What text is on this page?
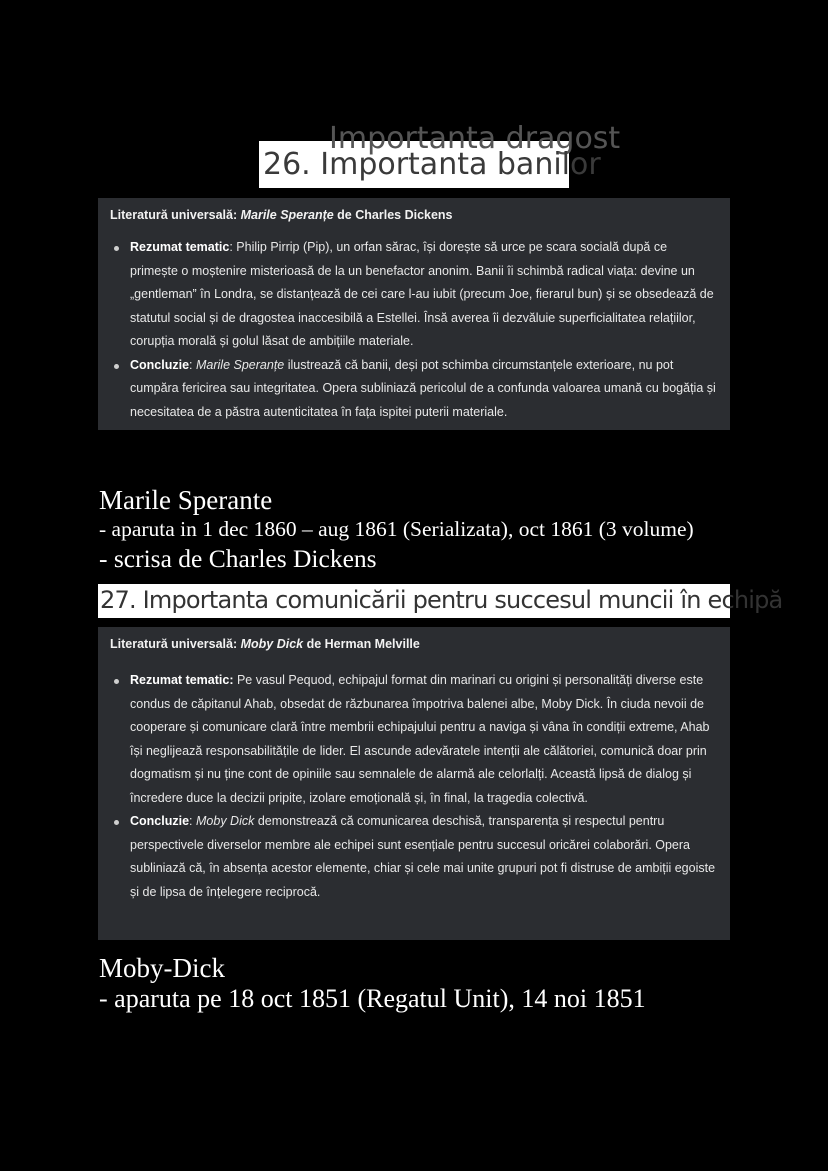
Importanta dragost
26. Importanta banilor
Literatură universală: Marile Speranțe de Charles Dickens
Rezumat tematic: Philip Pirrip (Pip), un orfan sărac, își dorește să urce pe scara socială după ce primește o moștenire misterioasă de la un benefactor anonim. Banii îi schimbă radical viața: devine un „gentleman” în Londra, se distanțează de cei care l-au iubit (precum Joe, fierarul bun) și se obsedează de statutul social și de dragostea inaccesibilă a Estellei. Însă averea îi dezvăluie superficialitatea relațiilor, corupția morală și golul lăsat de ambițiile materiale.
Concluzie: Marile Speranțe ilustrează că banii, deși pot schimba circumstanțele exterioare, nu pot cumpăra fericirea sau integritatea. Opera subliniază pericolul de a confunda valoarea umană cu bogăția și necesitatea de a păstra autenticitatea în fața ispitei puterii materiale.
Marile Sperante
- aparuta in 1 dec 1860 – aug 1861 (Serializata), oct 1861 (3 volume)
- scrisa de Charles Dickens
27. Importanta comunicării pentru succesul muncii în echipă
Literatură universală: Moby Dick de Herman Melville
Rezumat tematic: Pe vasul Pequod, echipajul format din marinari cu origini și personalități diverse este condus de căpitanul Ahab, obsedat de răzbunarea împotriva balenei albe, Moby Dick. În ciuda nevoii de cooperare și comunicare clară între membrii echipajului pentru a naviga și vâna în condiții extreme, Ahab își neglijează responsabilitățile de lider. El ascunde adevăratele intenții ale călătoriei, comunică doar prin dogmatism și nu ține cont de opiniile sau semnalele de alarmă ale celorlalți. Această lipsă de dialog și încredere duce la decizii pripite, izolare emoțională și, în final, la tragedia colectivă.
Concluzie: Moby Dick demonstrează că comunicarea deschisă, transparența și respectul pentru perspectivele diverselor membre ale echipei sunt esențiale pentru succesul oricărei colaborări. Opera subliniază că, în absența acestor elemente, chiar și cele mai unite grupuri pot fi distruse de ambiții egoiste și de lipsa de înțelegere reciprocă.
Moby-Dick
- aparuta pe 18 oct 1851 (Regatul Unit), 14 noi 1851
